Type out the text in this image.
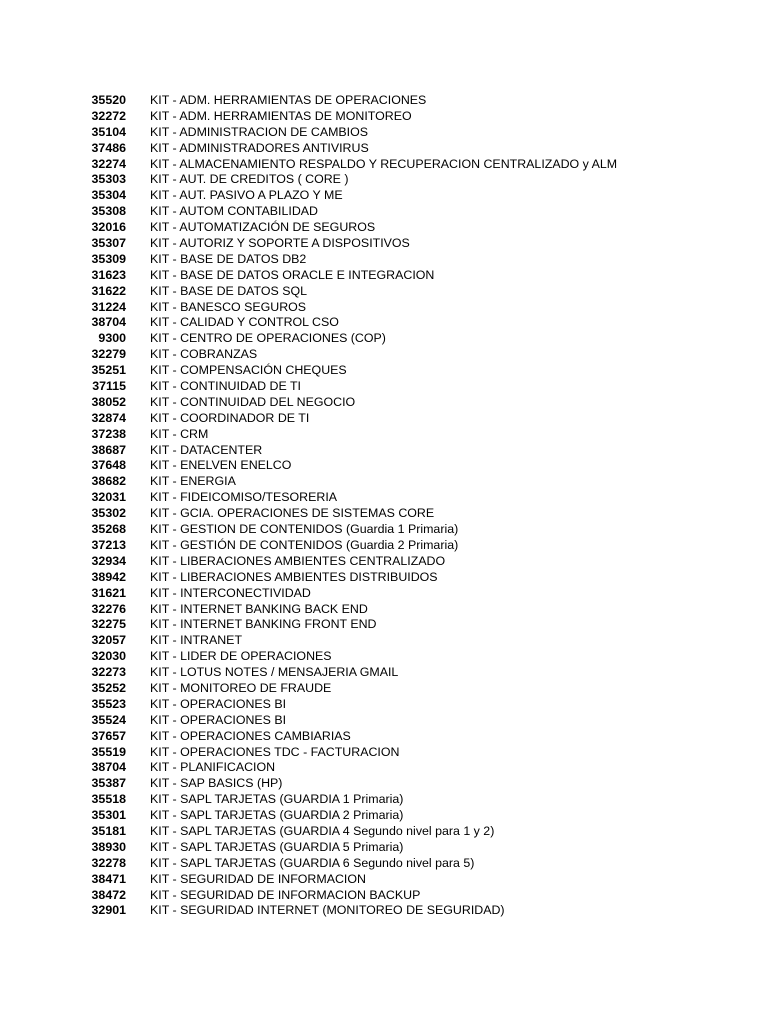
35520 KIT - ADM. HERRAMIENTAS DE OPERACIONES
32272 KIT - ADM. HERRAMIENTAS DE MONITOREO
35104 KIT - ADMINISTRACION DE CAMBIOS
37486 KIT - ADMINISTRADORES ANTIVIRUS
32274 KIT - ALMACENAMIENTO RESPALDO Y RECUPERACION CENTRALIZADO y ALM
35303 KIT - AUT. DE CREDITOS ( CORE )
35304 KIT - AUT. PASIVO A PLAZO Y ME
35308 KIT - AUTOM CONTABILIDAD
32016 KIT - AUTOMATIZACIÓN DE SEGUROS
35307 KIT - AUTORIZ Y SOPORTE A DISPOSITIVOS
35309 KIT - BASE DE DATOS DB2
31623 KIT - BASE DE DATOS ORACLE E INTEGRACION
31622 KIT - BASE DE DATOS SQL
31224 KIT - BANESCO SEGUROS
38704 KIT - CALIDAD Y CONTROL CSO
9300 KIT - CENTRO DE OPERACIONES (COP)
32279 KIT - COBRANZAS
35251 KIT - COMPENSACIÓN CHEQUES
37115 KIT - CONTINUIDAD DE TI
38052 KIT - CONTINUIDAD DEL NEGOCIO
32874 KIT - COORDINADOR DE TI
37238 KIT - CRM
38687 KIT - DATACENTER
37648 KIT - ENELVEN ENELCO
38682 KIT - ENERGIA
32031 KIT - FIDEICOMISO/TESORERIA
35302 KIT - GCIA. OPERACIONES DE SISTEMAS CORE
35268 KIT - GESTION DE CONTENIDOS (Guardia 1 Primaria)
37213 KIT - GESTIÓN DE CONTENIDOS (Guardia 2 Primaria)
32934 KIT - LIBERACIONES AMBIENTES CENTRALIZADO
38942 KIT - LIBERACIONES AMBIENTES DISTRIBUIDOS
31621 KIT - INTERCONECTIVIDAD
32276 KIT - INTERNET BANKING BACK END
32275 KIT - INTERNET BANKING FRONT END
32057 KIT - INTRANET
32030 KIT - LIDER DE OPERACIONES
32273 KIT - LOTUS NOTES / MENSAJERIA GMAIL
35252 KIT - MONITOREO DE FRAUDE
35523 KIT - OPERACIONES BI
35524 KIT - OPERACIONES BI
37657 KIT - OPERACIONES CAMBIARIAS
35519 KIT - OPERACIONES TDC - FACTURACION
38704 KIT - PLANIFICACION
35387 KIT - SAP BASICS (HP)
35518 KIT - SAPL TARJETAS (GUARDIA 1 Primaria)
35301 KIT - SAPL TARJETAS (GUARDIA 2 Primaria)
35181 KIT - SAPL TARJETAS (GUARDIA 4 Segundo nivel para 1 y 2)
38930 KIT - SAPL TARJETAS (GUARDIA 5 Primaria)
32278 KIT - SAPL TARJETAS (GUARDIA 6 Segundo nivel para 5)
38471 KIT - SEGURIDAD DE INFORMACION
38472 KIT - SEGURIDAD DE INFORMACION BACKUP
32901 KIT - SEGURIDAD INTERNET (MONITOREO DE SEGURIDAD)
